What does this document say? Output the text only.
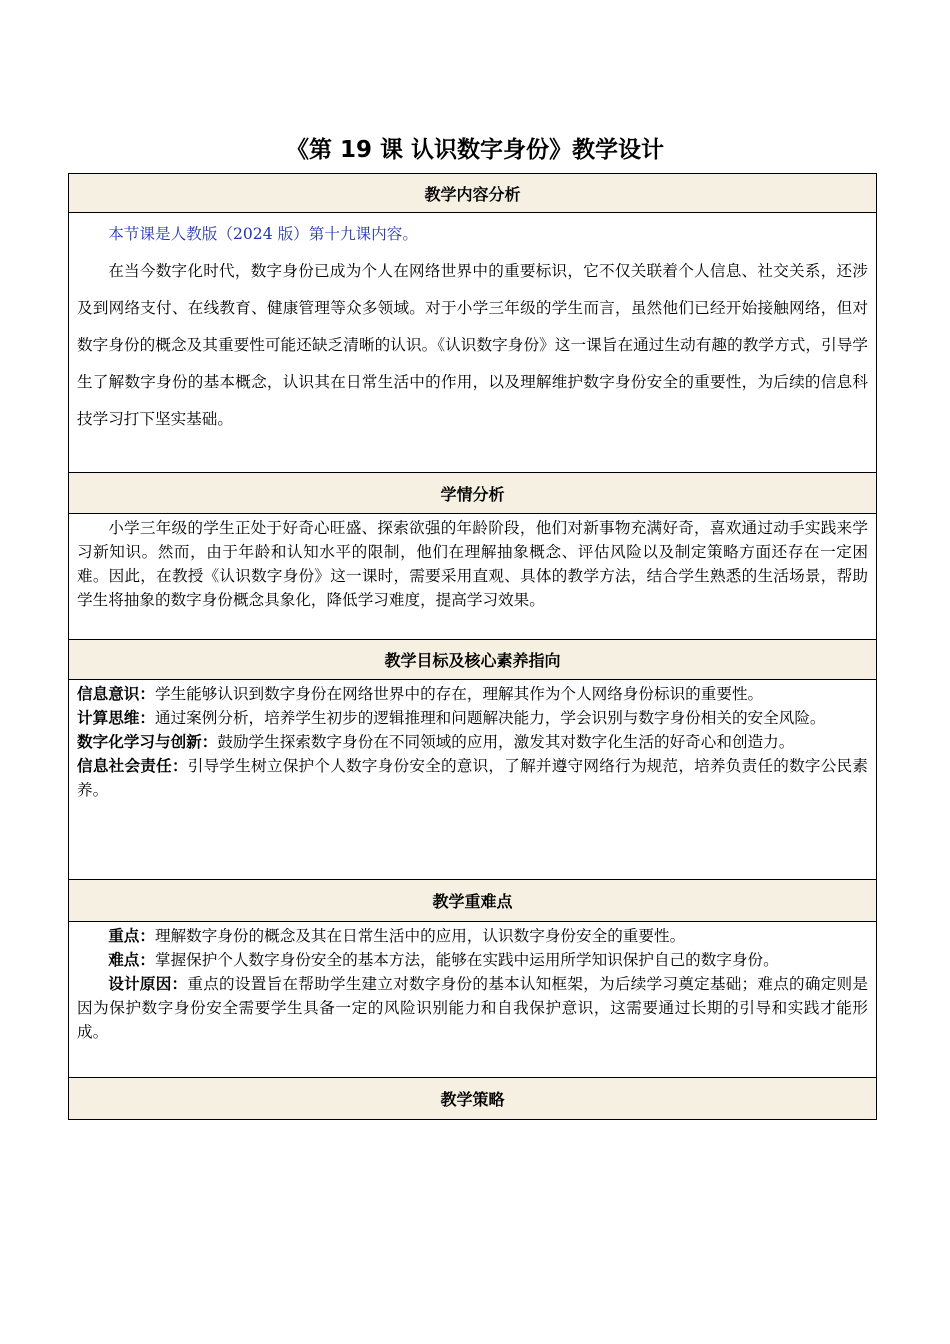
《第 19 课 认识数字身份》教学设计
教学内容分析

本节课是人教版（2024 版）第十九课内容。

在当今数字化时代，数字身份已成为个人在网络世界中的重要标识，它不仅关联着个人信息、社交关系，还涉及到网络支付、在线教育、健康管理等众多领域。对于小学三年级的学生而言，虽然他们已经开始接触网络，但对数字身份的概念及其重要性可能还缺乏清晰的认识。《认识数字身份》这一课旨在通过生动有趣的教学方式，引导学生了解数字身份的基本概念，认识其在日常生活中的作用，以及理解维护数字身份安全的重要性，为后续的信息科技学习打下坚实基础。

学情分析

小学三年级的学生正处于好奇心旺盛、探索欲强的年龄阶段，他们对新事物充满好奇，喜欢通过动手实践来学习新知识。然而，由于年龄和认知水平的限制，他们在理解抽象概念、评估风险以及制定策略方面还存在一定困难。因此，在教授《认识数字身份》这一课时，需要采用直观、具体的教学方法，结合学生熟悉的生活场景，帮助学生将抽象的数字身份概念具象化，降低学习难度，提高学习效果。

教学目标及核心素养指向

信息意识：学生能够认识到数字身份在网络世界中的存在，理解其作为个人网络身份标识的重要性。

计算思维：通过案例分析，培养学生初步的逻辑推理和问题解决能力，学会识别与数字身份相关的安全风险。

数字化学习与创新：鼓励学生探索数字身份在不同领域的应用，激发其对数字化生活的好奇心和创造力。

信息社会责任：引导学生树立保护个人数字身份安全的意识，了解并遵守网络行为规范，培养负责任的数字公民素养。

教学重难点

重点：理解数字身份的概念及其在日常生活中的应用，认识数字身份安全的重要性。

难点：掌握保护个人数字身份安全的基本方法，能够在实践中运用所学知识保护自己的数字身份。

设计原因：重点的设置旨在帮助学生建立对数字身份的基本认知框架，为后续学习奠定基础；难点的确定则是因为保护数字身份安全需要学生具备一定的风险识别能力和自我保护意识，这需要通过长期的引导和实践才能形成。

教学策略
